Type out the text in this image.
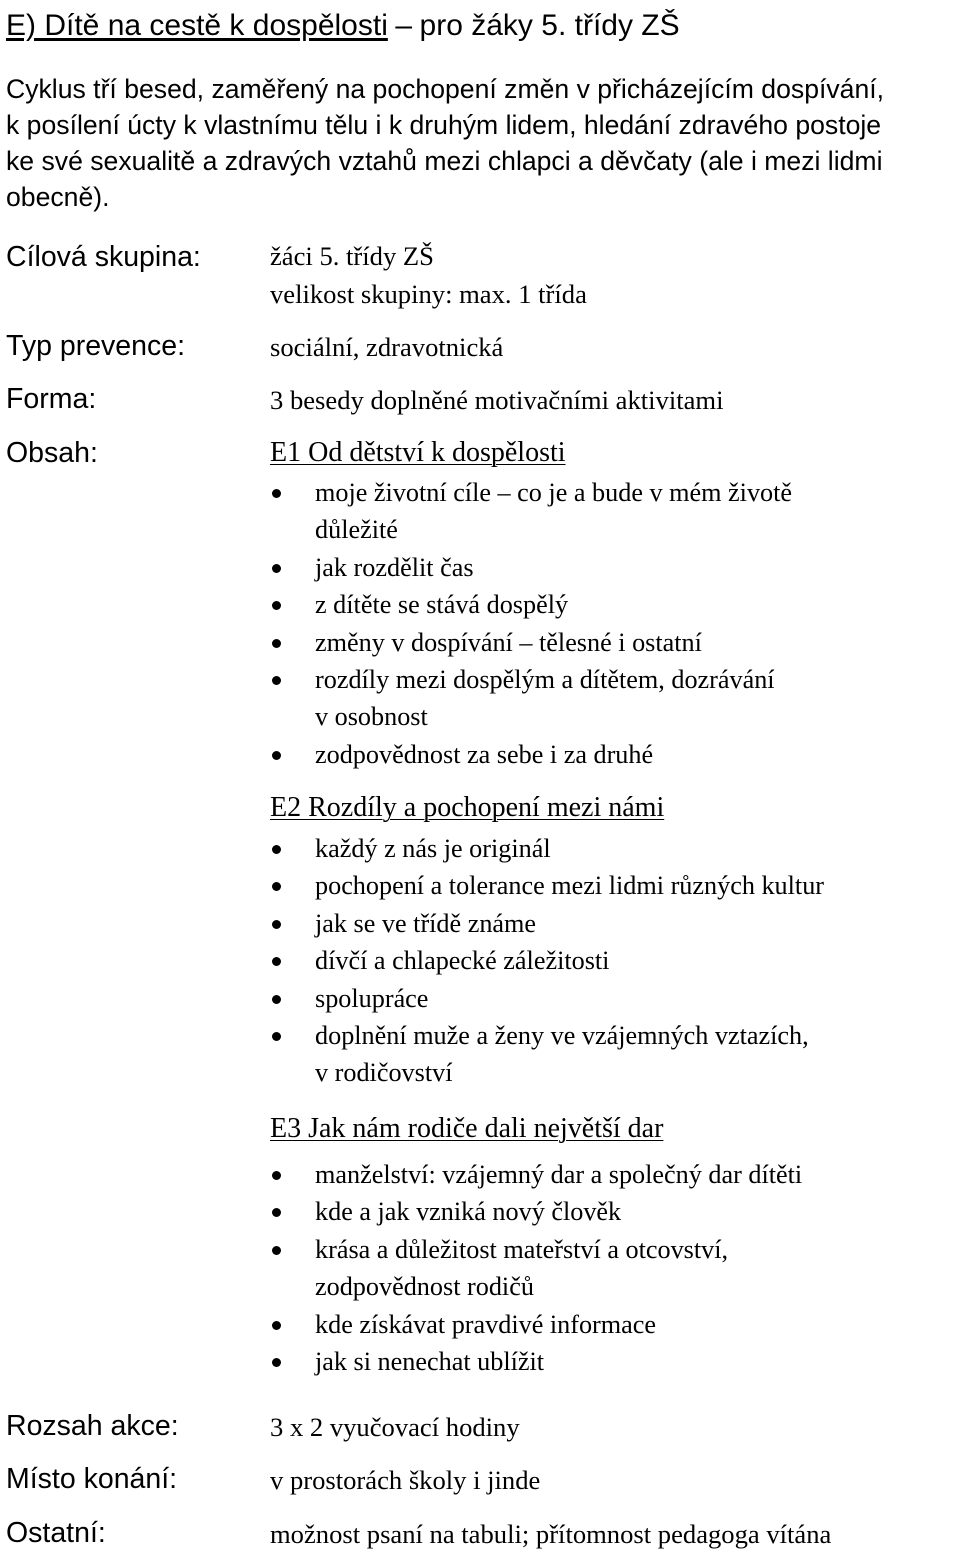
E) Dítě na cestě k dospělosti – pro žáky 5. třídy ZŠ
Cyklus tří besed, zaměřený na pochopení změn v přicházejícím dospívání,
k posílení úcty k vlastnímu tělu i k druhým lidem, hledání zdravého postoje
ke své sexualitě a zdravých vztahů mezi chlapci a děvčaty (ale i mezi lidmi
obecně).
Cílová skupina:	žáci 5. třídy ZŠ
velikost skupiny: max. 1 třída
Typ prevence:	sociální, zdravotnická
Forma:	3 besedy doplněné motivačními aktivitami
Obsah:	E1 Od dětství k dospělosti
moje životní cíle – co je a bude v mém životě
důležité
jak rozdělit čas
z dítěte se stává dospělý
změny v dospívání – tělesné i ostatní
rozdíly mezi dospělým a dítětem, dozrávání
v osobnost
zodpovědnost za sebe i za druhé
E2 Rozdíly a pochopení mezi námi
každý z nás je originál
pochopení a tolerance mezi lidmi různých kultur
jak se ve třídě známe
dívčí a chlapecké záležitosti
spolupráce
doplnění muže a ženy ve vzájemných vztazích,
v rodičovství
E3 Jak nám rodiče dali největší dar
manželství: vzájemný dar a společný dar dítěti
kde a jak vzniká nový člověk
krása a důležitost mateřství a otcovství,
zodpovědnost rodičů
kde získávat pravdivé informace
jak si nenechat ublížit
Rozsah akce:	3 x 2 vyučovací hodiny
Místo konání:	v prostorách školy i jinde
Ostatní:	možnost psaní na tabuli; přítomnost pedagoga vítána
